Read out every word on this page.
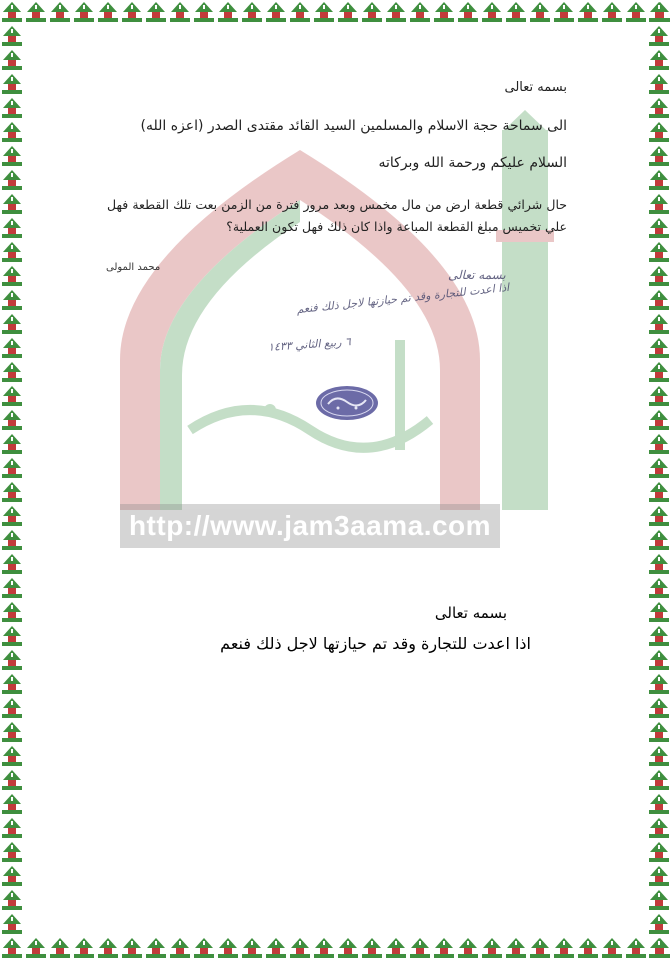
http://www.jam3aama.com
بسمه تعالى
الى سماحة حجة الاسلام والمسلمين السيد القائد مقتدى الصدر (اعزه الله)
السلام عليكم ورحمة الله وبركاته
حال شرائي قطعة ارض من مال مخمس وبعد مرور فترة من الزمن بعت تلك القطعة فهل علي تخميس مبلغ القطعة المباعة واذا كان ذلك فهل تكون العملية؟
محمد المولى
بسمه تعالى
اذا اعدت للتجارة وقد تم حيازتها لاجل ذلك فنعم
٦ ربيع الثاني ١٤٣٣
بسمه تعالى
اذا اعدت للتجارة وقد تم حيازتها لاجل ذلك فنعم
